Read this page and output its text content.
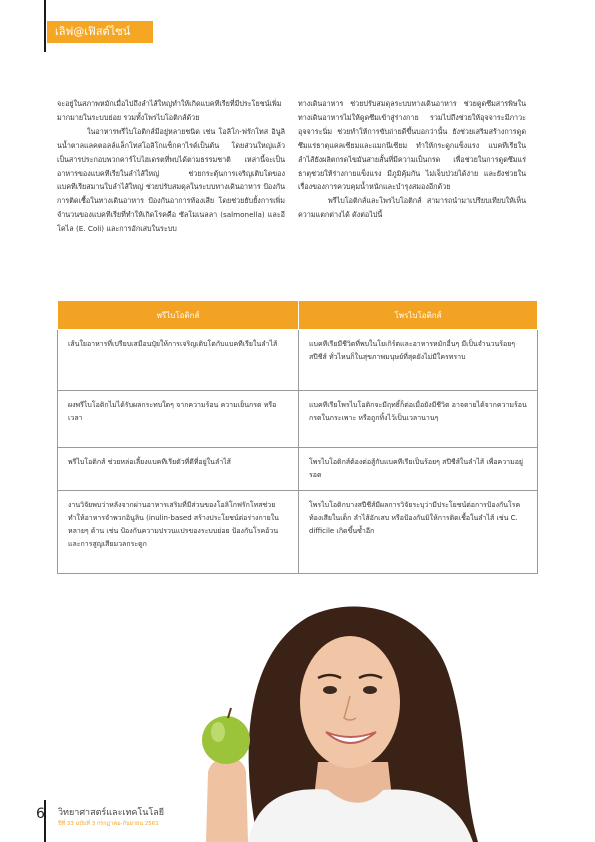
เลิฟ@เฟิสต์ไซน์

จะอยู่ในสภาพหมักเมื่อไปถึงลำไส้ใหญ่ทำให้เกิดแบคทีเรียที่มีประโยชน์เพิ่มมากมายในระบบย่อย รวมทั้งโพรไบโอติกส์ด้วย

ในอาหารพรีไบโอติกส์มีอยู่หลายชนิด เช่น โอลิโก-ฟรักโทส อินูลินน้ำตาลแลคตอลล์แล็กโทสโอลิโกแซ็กคาไรด์เป็นต้น โดยส่วนใหญ่แล้วเป็นสารประกอบพวกคาร์โบไฮเดรตที่พบได้ตามธรรมชาติ เหล่านี้จะเป็นอาหารของแบคทีเรียในลำไส้ใหญ่ ช่วยกระตุ้นการเจริญเติบโตของแบคทีเรียสมานใบลำไส้ใหญ่ ช่วยปรับสมดุลในระบบทางเดินอาหาร ป้องกันการติดเชื้อในทางเดินอาหาร ป้องกันอาการท้องเสีย โดยช่วยยับยั้งการเพิ่มจำนวนของแบคทีเรียที่ทำให้เกิดโรคคือ ซัลโมเนลลา (salmonella) และอีโคไล (E. Coli) และการอักเสบในระบบ

ทางเดินอาหาร ช่วยปรับสมดุลระบบทางเดินอาหาร ช่วยดูดซึมสารพิษในทางเดินอาหารไม่ให้ดูดซึมเข้าสู่ร่างกาย รวมไปถึงช่วยให้อุจจาระมีภาวะ อุจจาระนิ่ม ช่วยทำให้การขับถ่ายดีขึ้นบอกว่านั้น ยังช่วยเสริมสร้างการดูดซึมแร่ธาตุแคลเซียมและแมกนีเซียม ทำให้กระดูกแข็งแรง แบคทีเรียในลำไส้ยังผลิตกรดไขมันสายสั้นที่มีความเป็นกรด เพื่อช่วยในการดูดซึมแร่ธาตุช่วยให้ร่างกายแข็งแรง มีภูมิคุ้มกัน ไม่เจ็บป่วยได้ง่าย และยังช่วยในเรื่องของการควบคุมน้ำหนักและบำรุงสมองอีกด้วย

พรีไบโอติกส์และโพรไบโอติกส์ สามารถนำมาเปรียบเทียบให้เห็นความแตกต่างได้ ดังต่อไปนี้

พรีไบโอติกส์	โพรไบโอติกส์
เส้นใยอาหารที่เปรียบเสมือนปุ๋ยให้การเจริญเติบโตกับแบคทีเรียในลำไส้	แบคทีเรียมีชีวิตที่พบในโยเกิร์ตและอาหารหมักอื่นๆ มีเป็นจำนวนร้อยๆ สปีชีส์ ทั่วไหนก็ในสุขภาพมนุษย์ที่สุดยังไม่มีใครทราบ
ผงพรีไบโอติกไม่ได้รับผลกระทบใดๆ จากความร้อน ความเย็นกรด หรือเวลา	แบคทีเรียโพรไบโอติกจะมีฤทธิ์ก็ต่อเมื่อยังมีชีวิต อาจตายได้จากความร้อน กรดในกระเพาะ หรือถูกทิ้งไว้เป็นเวลานานๆ
พรีไบโอติกส์ ช่วยหล่อเลี้ยงแบคทีเรียตัวที่ดีที่อยู่ในลำไส้	โพรไบโอติกส์ต้องต่อสู้กับแบคทีเรียเป็นร้อยๆ สปีชีส์ในลำไส้ เพื่อความอยู่รอด
งานวิจัยพบว่าหลังจากผ่านอาหารเสริมที่มีส่วนของโอลิโกฟรักโทสช่วยทำให้อาหารจำพวกอินูลิน (inulin-based สร้างประโยชน์ต่อร่างกายในหลายๆ ด้าน เช่น ป้องกันความปรวนแปรของระบบย่อย ป้องกันโรคอ้วน และการสูญเสียมวลกระดูก	โพรไบโอติกบางสปีชีส์มีผลการวิจัยระบุว่ามีประโยชน์ต่อการป้องกันโรคท้องเสียในเด็ก ลำไส้อักเสบ หรือป้องกันมิให้การติดเชื้อในลำไส้ เช่น C. difficile เกิดขึ้นซ้ำอีก
6 วิทยาศาสตร์และเทคโนโลยี
ปีที่ 33 ฉบับที่ 3 กรกฎาคม-กันยายน 2561
